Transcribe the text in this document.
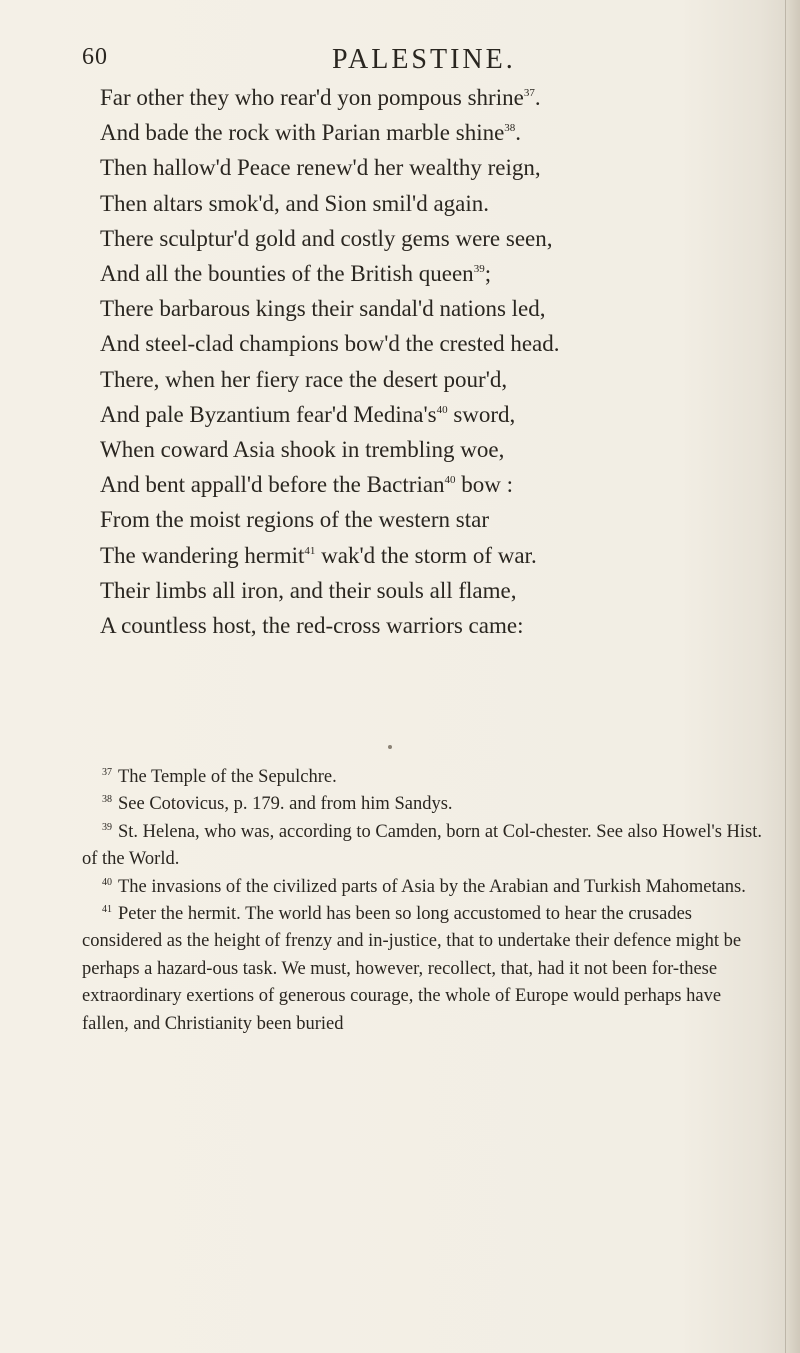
60	PALESTINE.
Far other they who rear'd yon pompous shrine$^{37}$.
And bade the rock with Parian marble shine$^{38}$.
Then hallow'd Peace renew'd her wealthy reign,
Then altars smok'd, and Sion smil'd again.
There sculptur'd gold and costly gems were seen,
And all the bounties of the British queen$^{39}$;
There barbarous kings their sandal'd nations led,
And steel-clad champions bow'd the crested head.
There, when her fiery race the desert pour'd,
And pale Byzantium fear'd $Medina's^{40}$ sword,
When coward Asia shook in trembling woe,
And bent appall'd before the Bactrian$^{40}$ bow :
From the moist regions of the western star
The wandering hermit$^{41}$ wak'd the storm of war.
Their limbs all iron, and their souls all flame,
A countless host, the red-cross warriors came:
$^{37}$ The Temple of the Sepulchre.
$^{38}$ See Cotovicus, p. 179. and from him Sandys.
$^{39}$ St. Helena, who was, according to Camden, born at Col-chester. See also Howel's Hist. of the World.
$^{40}$ The invasions of the civilized parts of Asia by the Arabian and Turkish Mahometans.
$^{41}$ Peter the hermit. The world has been so long accustomed to hear the crusades considered as the height of frenzy and in-justice, that to undertake their defence might be perhaps a hazard-ous task. We must, however, recollect, that, had it not been for-these extraordinary exertions of generous courage, the whole of Europe would perhaps have fallen, and Christianity been buried
